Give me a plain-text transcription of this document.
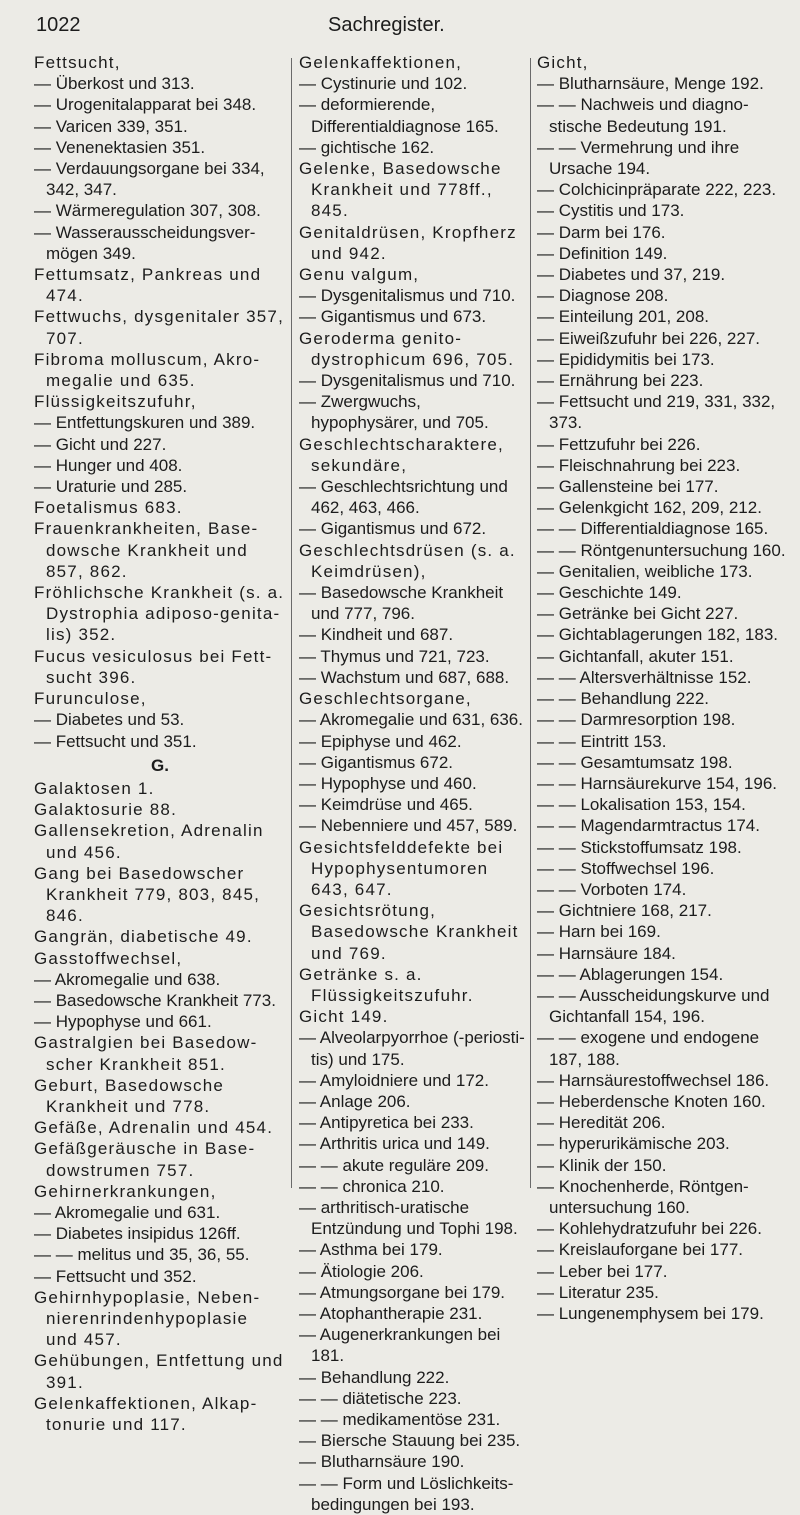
1022	Sachregister.

Fettsucht,

— Überkost und 313.

— Urogenitalapparat bei 348.

— Varicen 339, 351.

— Venenektasien 351.

— Verdauungsorgane bei 334, 342, 347.

— Wärmeregulation 307, 308.

— Wasserausscheidungsvermögen 349.

Fettumsatz, Pankreas und 474.

Fettwuchs, dysgenitaler 357, 707.

Fibroma molluscum, Akromegalie und 635.

Flüssigkeitszufuhr,

— Entfettungskuren und 389.

— Gicht und 227.

— Hunger und 408.

— Uraturie und 285.

Foetalismus 683.

Frauenkrankheiten, Basedowsche Krankheit und 857, 862.

Fröhlichsche Krankheit (s. a. Dystrophia adiposo-genitalis) 352.

Fucus vesiculosus bei Fettsucht 396.

Furunculose,

— Diabetes und 53.

— Fettsucht und 351.

G.

Galaktosen 1.

Galaktosurie 88.

Gallensekretion, Adrenalin und 456.

Gang bei Basedowscher Krankheit 779, 803, 845, 846.

Gangrän, diabetische 49.

Gasstoffwechsel,

— Akromegalie und 638.

— Basedowsche Krankheit 773.

— Hypophyse und 661.

Gastralgien bei Basedowscher Krankheit 851.

Geburt, Basedowsche Krankheit und 778.

Gefäße, Adrenalin und 454.

Gefäßgeräusche in Basedowstrumen 757.

Gehirnerkrankungen,

— Akromegalie und 631.

— Diabetes insipidus 126ff.

— — melitus und 35, 36, 55.

— Fettsucht und 352.

Gehirnhypoplasie, Nebennierenrindenhypoplasie und 457.

Gehübungen, Entfettung und 391.

Gelenkaffektionen, Alkaptonurie und 117.

Gelenkaffektionen,

— Cystinurie und 102.

— deformierende, Differentialdiagnose 165.

— gichtische 162.

Gelenke, Basedowsche Krankheit und 778ff., 845.

Genitaldrüsen, Kropfherz und 942.

Genu valgum,

— Dysgenitalismus und 710.

— Gigantismus und 673.

Geroderma genito-dystrophicum 696, 705.

— Dysgenitalismus und 710.

— Zwergwuchs, hypophysärer, und 705.

Geschlechtscharaktere, sekundäre,

— Geschlechtsrichtung und 462, 463, 466.

— Gigantismus und 672.

Geschlechtsdrüsen (s. a. Keimdrüsen),

— Basedowsche Krankheit und 777, 796.

— Kindheit und 687.

— Thymus und 721, 723.

— Wachstum und 687, 688.

Geschlechtsorgane,

— Akromegalie und 631, 636.

— Epiphyse und 462.

— Gigantismus 672.

— Hypophyse und 460.

— Keimdrüse und 465.

— Nebenniere und 457, 589.

Gesichtsfelddefekte bei Hypophysentumoren 643, 647.

Gesichtsrötung, Basedowsche Krankheit und 769.

Getränke s. a. Flüssigkeitszufuhr.

Gicht 149.

— Alveolarpyorrhoe (-periostitis) und 175.

— Amyloidniere und 172.

— Anlage 206.

— Antipyretica bei 233.

— Arthritis urica und 149.

— — akute reguläre 209.

— — chronica 210.

— arthritisch-uratische Entzündung und Tophi 198.

— Asthma bei 179.

— Ätiologie 206.

— Atmungsorgane bei 179.

— Atophantherapie 231.

— Augenerkrankungen bei 181.

— Behandlung 222.

— — diätetische 223.

— — medikamentöse 231.

— Biersche Stauung bei 235.

— Blutharnsäure 190.

— — Form und Löslichkeitsbedingungen bei 193.

Gicht,

— Blutharnsäure, Menge 192.

— — Nachweis und diagnostische Bedeutung 191.

— — Vermehrung und ihre Ursache 194.

— Colchicinpräparate 222, 223.

— Cystitis und 173.

— Darm bei 176.

— Definition 149.

— Diabetes und 37, 219.

— Diagnose 208.

— Einteilung 201, 208.

— Eiweißzufuhr bei 226, 227.

— Epididymitis bei 173.

— Ernährung bei 223.

— Fettsucht und 219, 331, 332, 373.

— Fettzufuhr bei 226.

— Fleischnahrung bei 223.

— Gallensteine bei 177.

— Gelenkgicht 162, 209, 212.

— — Differentialdiagnose 165.

— — Röntgenuntersuchung 160.

— Genitalien, weibliche 173.

— Geschichte 149.

— Getränke bei Gicht 227.

— Gichtablagerungen 182, 183.

— Gichtanfall, akuter 151.

— — Altersverhältnisse 152.

— — Behandlung 222.

— — Darmresorption 198.

— — Eintritt 153.

— — Gesamtumsatz 198.

— — Harnsäurekurve 154, 196.

— — Lokalisation 153, 154.

— — Magendarmtractus 174.

— — Stickstoffumsatz 198.

— — Stoffwechsel 196.

— — Vorboten 174.

— Gichtniere 168, 217.

— Harn bei 169.

— Harnsäure 184.

— — Ablagerungen 154.

— — Ausscheidungskurve und Gichtanfall 154, 196.

— — exogene und endogene 187, 188.

— Harnsäurestoffwechsel 186.

— Heberdensche Knoten 160.

— Heredität 206.

— hyperurikämische 203.

— Klinik der 150.

— Knochenherde, Röntgenuntersuchung 160.

— Kohlehydratzufuhr bei 226.

— Kreislauforgane bei 177.

— Leber bei 177.

— Literatur 235.

— Lungenemphysem bei 179.
